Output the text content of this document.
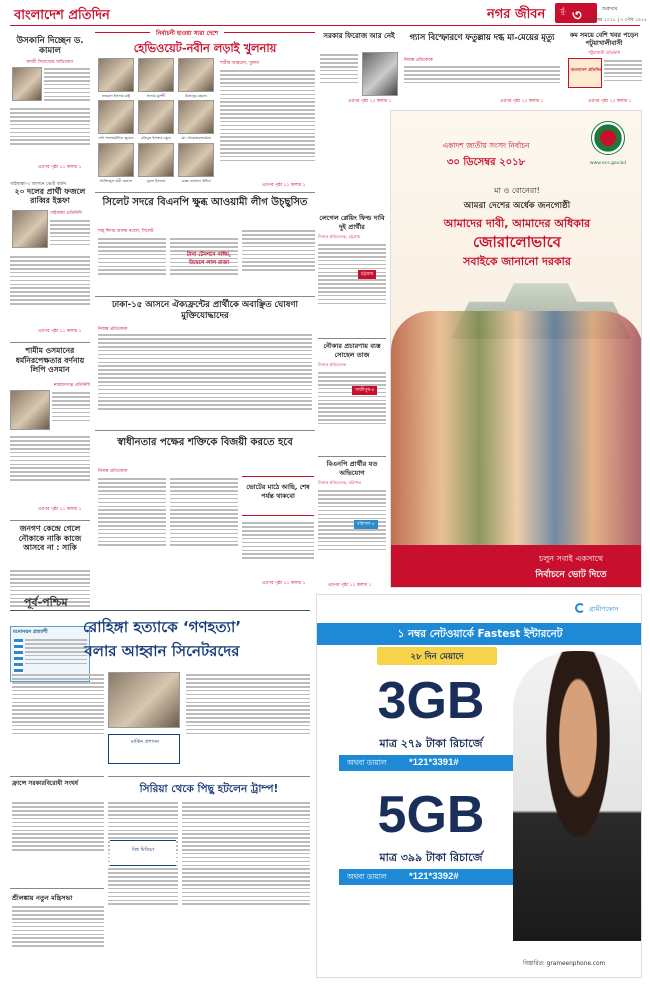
বাংলাদেশ প্রতিদিন	নগর জীবন	পৃষ্ঠা ৩	শুক্রবার
২১ ডিসেম্বর ২০১৮ | ৭ পৌষ ১৪২৫
উসকানি দিচ্ছেন ড. কামাল
কাজী সিরাজের অভিযোগ
এরপর পৃষ্ঠা ১১ কলাম ১
গাইবান্ধা-৩ আসনে ভোট বর্জন
২০ দলের প্রার্থী ফজলে রাব্বির ইস্তফা
গাইবান্ধা প্রতিনিধি
এরপর পৃষ্ঠা ১১ কলাম ১
শামীম ওসমানের ধর্মনিরপেক্ষতার বর্ণনায় লিপি ওসমান
নারায়ণগঞ্জ প্রতিনিধি
এরপর পৃষ্ঠা ১১ কলাম ১
জনগণ কেন্দ্রে গেলে নৌকাকে নাকি কাজে আসবে না : সাকি
মনোনয়ন প্রত্যাশী
নির্বাচনী হাওয়া সারা দেশে
হেভিওয়েট-নবীন লড়াই খুলনায়
নজরুল ইসলাম মঞ্জু	সালাম মুর্শেদী	মিজানুর রহমান
শেখ সালাহউদ্দিন জুয়েল	রকিবুল ইসলাম বকুল	মো. আকতারুজ্জামান
আজিজুল বারী হেলাল	নুরুল ইসলাম	মোল্লা জালাল উদ্দিন
শামীম আহমেদ, খুলনা
এরপর পৃষ্ঠা ১১ কলাম ১
সিলেট সদরে বিএনপি ক্ষুব্ধ আওয়ামী লীগ উচ্ছ্বসিত
শাহ্ দিদার আলম নবেল, সিলেট
টানা টেনশনে নাঈম, উদ্বেগে লাল রাজা
ঢাকা-১৫ আসনে ঐক্যফ্রন্টের প্রার্থীকে অবাঞ্ছিত ঘোষণা মুক্তিযোদ্ধাদের
নিজস্ব প্রতিবেদক
স্বাধীনতার পক্ষের শক্তিকে বিজয়ী করতে হবে
নিজস্ব প্রতিবেদক
ভোটের মাঠে আছি, শেষ পর্যন্ত থাকবো
এরপর পৃষ্ঠা ১১ কলাম ১
লেগেল প্লেয়িং ফিল্ড দাবি দুই প্রার্থীর
নিজস্ব প্রতিবেদক, চট্টগ্রাম
চট্টগ্রাম
নৌকার প্রচারণায় ব্যস্ত সোহেল তাজ
নিজস্ব প্রতিবেদক
গাজীপুর-৪
বিএনপি প্রার্থীর যত অভিযোগ
নিজস্ব প্রতিবেদক, বরিশাল
বরিশাল-৫
এরপর পৃষ্ঠা ১১ কলাম ১
সরকার ফিরোজ আর নেই
এরপর পৃষ্ঠা ১১ কলাম ১
গ্যাস বিস্ফোরণে ফতুল্লায় দগ্ধ মা-মেয়ের মৃত্যু
নিজস্ব প্রতিবেদক
এরপর পৃষ্ঠা ১১ কলাম ১
কম সময়ে বেশি খবর পড়েন পটুয়াখালীবাসী
পটুয়াখালী প্রতিনিধি
বাংলাদেশ প্রতিদিন
এরপর পৃষ্ঠা ১১ কলাম ১
একাদশ জাতীয় সংসদ নির্বাচন
৩০ ডিসেম্বর ২০১৮	www.ecs.gov.bd
মা ও বোনেরা!
আমরা দেশের অর্ধেক জনগোষ্ঠী
আমাদের দাবী, আমাদের অধিকার
জোরালোভাবে
সবাইকে জানানো দরকার
চলুন সবাই একসাথে
নির্বাচনে ভোট দিতে
পূর্ব-পশ্চিম
রোহিঙ্গা হত্যাকে ‘গণহত্যা’
বলার আহ্বান সিনেটরদের
মার্কিন প্রশাসন
ফ্রান্সে সরকারবিরোধী সংঘর্ষ
শ্রীলঙ্কায় নতুন মন্ত্রিসভা
সিরিয়া থেকে পিছু হটলেন ট্রাম্প!
বিশ্ব মিডিয়া
গ্রামীণফোন
১ নম্বর নেটওয়ার্কে Fastest ইন্টারনেট
২৮ দিন মেয়াদে
3GB
মাত্র ২৭৯ টাকা রিচার্জে
অথবা ডায়াল *121*3391#
5GB
মাত্র ৩৯৯ টাকা রিচার্জে
অথবা ডায়াল *121*3392#
বিস্তারিত: grameenphone.com
